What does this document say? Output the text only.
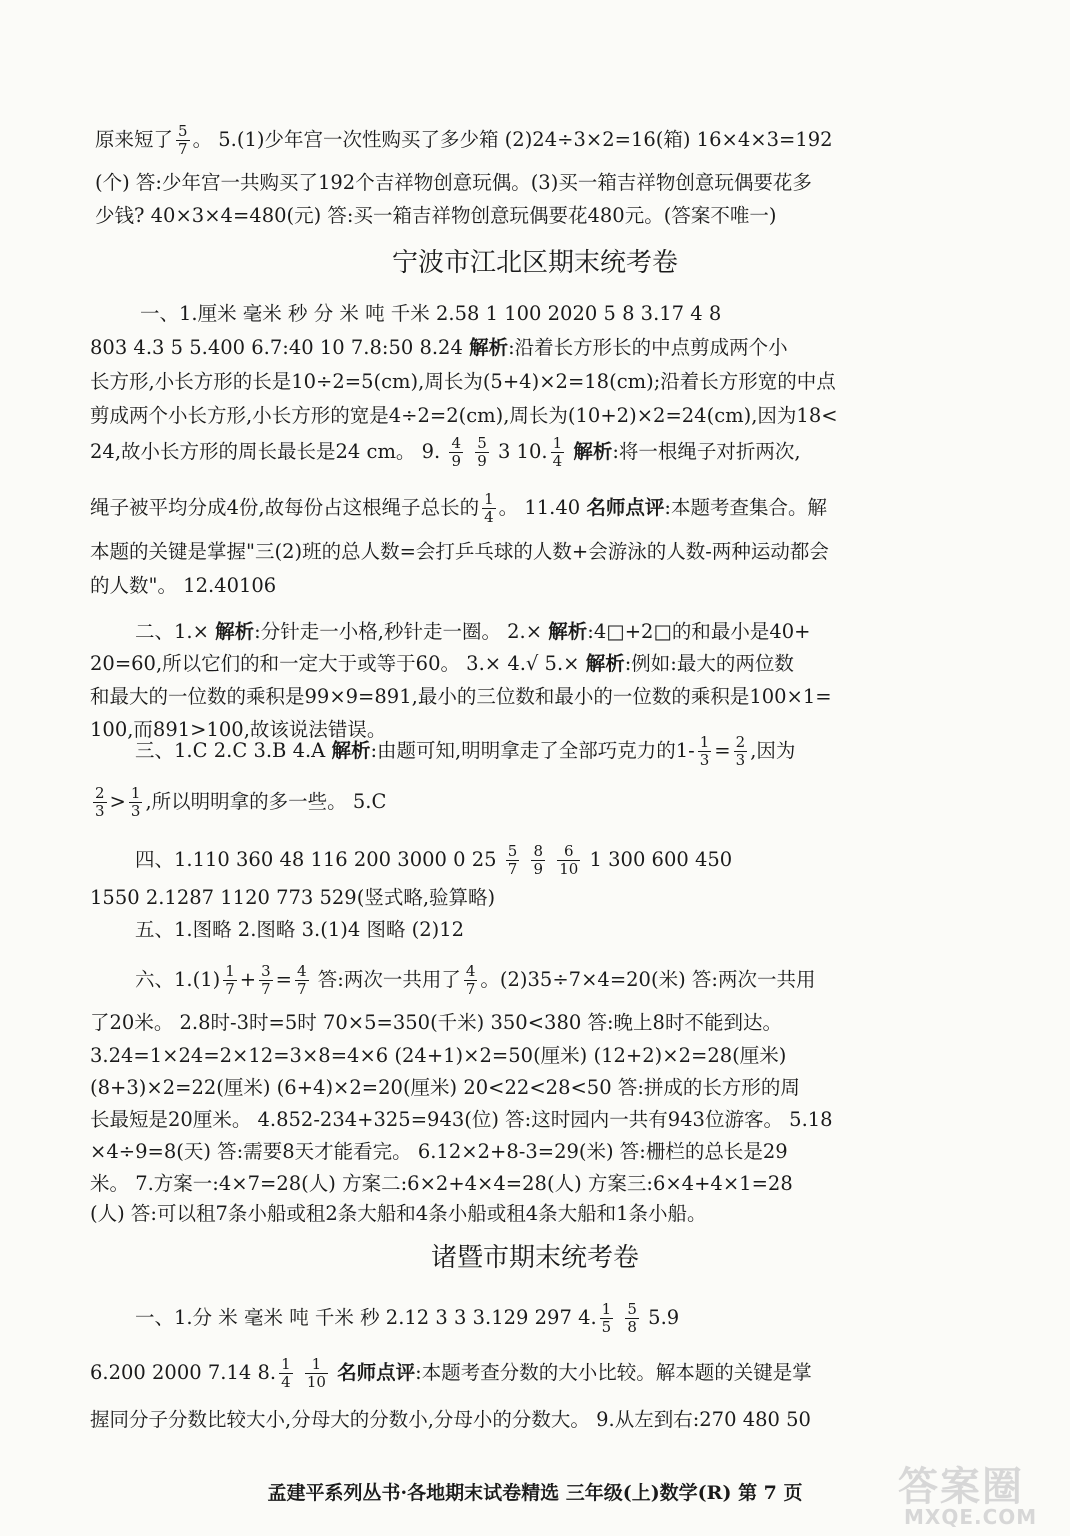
原来短了 $\frac{5}{7}$ 。 5.(1)少年宫一次性购买了多少箱 (2)24÷3×2=16(箱) 16×4×3=192
(个) 答:少年宫一共购买了192个吉祥物创意玩偶。(3)买一箱吉祥物创意玩偶要花多
少钱? 40×3×4=480(元) 答:买一箱吉祥物创意玩偶要花480元。(答案不唯一)
宁波市江北区期末统考卷
一、1.厘米 毫米 秒 分 米 吨 千米 2.58 1 100 2020 5 8 3.17 4 8
803 4.3 5 5.400 6.7:40 10 7.8:50 8.24 解析:沿着长方形长的中点剪成两个小
长方形,小长方形的长是10÷2=5(cm),周长为(5+4)×2=18(cm);沿着长方形宽的中点
剪成两个小长方形,小长方形的宽是4÷2=2(cm),周长为(10+2)×2=24(cm),因为18<
24,故小长方形的周长最长是24 cm。 9. $\frac{4}{9}$
$\frac{5}{9} 3$ 10. $\frac{1}{4}$ 解析:将一根绳子对折两次,
绳子被平均分成4份,故每份占这根绳子总长的 $\frac{1}{4}$ 。 11.40 名师点评:本题考查集合。解
本题的关键是掌握"三(2)班的总人数=会打乒乓球的人数+会游泳的人数-两种运动都会
的人数"。 12.40106
二、1.× 解析:分针走一小格,秒针走一圈。 2.× 解析:4□+2□的和最小是40+
20=60,所以它们的和一定大于或等于60。 3.× 4.√ 5.× 解析:例如:最大的两位数
和最大的一位数的乘积是99×9=891,最小的三位数和最小的一位数的乘积是100×1=
100,而891>100,故该说法错误。
三、1.C 2.C 3.B 4.A 解析:由题可知,明明拿走了全部巧克力的$1- \frac{1}{3} = \frac{2}{3}$ ,因为
$\frac{2}{3} > \frac{1}{3}$ ,所以明明拿的多一些。 5.C
四、1.110 360 48 116 200 3000 0 $25 \frac{5}{7}$
$\frac{8}{9}$
$\frac{6}{10} 1$ 300 600 450
1550 2.1287 1120 773 529(竖式略,验算略)
五、1.图略 2.图略 3.(1)4 图略 (2)12
六、$1.(1) \frac{1}{7} + \frac{3}{7} = \frac{4}{7}$ 答:两次一共用了 $\frac{4}{7}$ 。(2)35÷7×4=20(米) 答:两次一共用
了20米。 2.8时-3时=5时 70×5=350(千米) 350<380 答:晚上8时不能到达。
3.24=1×24=2×12=3×8=4×6 (24+1)×2=50(厘米) (12+2)×2=28(厘米)
(8+3)×2=22(厘米) (6+4)×2=20(厘米) 20<22<28<50 答:拼成的长方形的周
长最短是20厘米。 4.852-234+325=943(位) 答:这时园内一共有943位游客。 5.18
×4÷9=8(天) 答:需要8天才能看完。 6.12×2+8-3=29(米) 答:栅栏的总长是29
米。 7.方案一:4×7=28(人) 方案二:6×2+4×4=28(人) 方案三:6×4+4×1=28
(人) 答:可以租7条小船或租2条大船和4条小船或租4条大船和1条小船。
诸暨市期末统考卷
一、1.分 米 毫米 吨 千米 秒 2.12 3 3 3.129 297 4. $\frac{1}{5}$
$\frac{5}{8} 5.9$
6.200 2000 7.14 8. $\frac{1}{4}$
$\frac{1}{10}$ 名师点评:本题考查分数的大小比较。解本题的关键是掌
握同分子分数比较大小,分母大的分数小,分母小的分数大。 9.从左到右:270 480 50
孟建平系列丛书·各地期末试卷精选 三年级(上)数学(R) 第 7 页	答案圈
MXQE.COM
